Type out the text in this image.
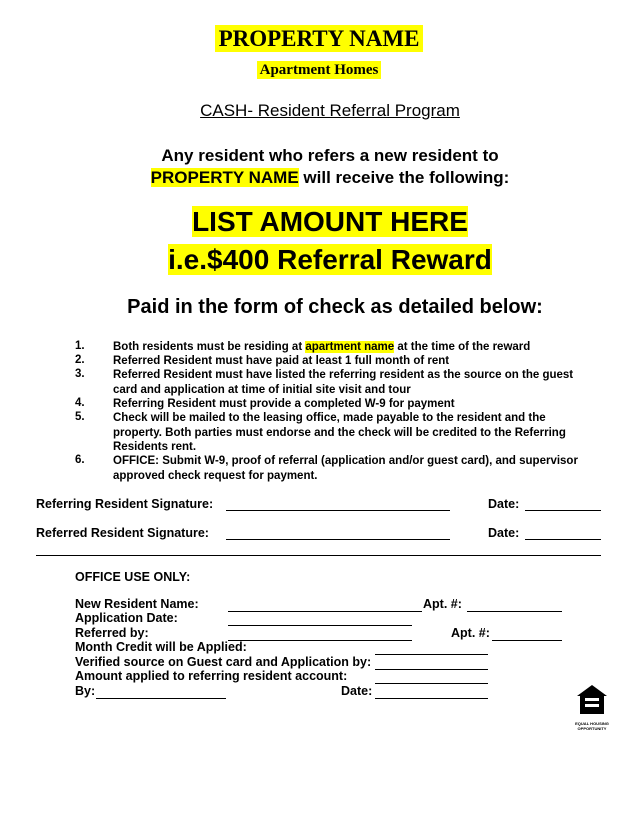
PROPERTY NAME
Apartment Homes
CASH- Resident Referral Program
Any resident who refers a new resident to
PROPERTY NAME will receive the following:
LIST AMOUNT HERE
i.e.$400 Referral Reward
Paid in the form of check as detailed below:
1. Both residents must be residing at apartment name at the time of the reward
2. Referred Resident must have paid at least 1 full month of rent
3. Referred Resident must have listed the referring resident as the source on the guest card and application at time of initial site visit and tour
4. Referring Resident must provide a completed W-9 for payment
5. Check will be mailed to the leasing office, made payable to the resident and the property. Both parties must endorse and the check will be credited to the Referring Residents rent.
6. OFFICE: Submit W-9, proof of referral (application and/or guest card), and supervisor approved check request for payment.
Referring Resident Signature:	Date:
Referred Resident Signature:	Date:
OFFICE USE ONLY:
New Resident Name:	Apt. #:
Application Date:
Referred by:	Apt. #:
Month Credit will be Applied:
Verified source on Guest card and Application by:
Amount applied to referring resident account:
By:	Date:
EQUAL HOUSING OPPORTUNITY
